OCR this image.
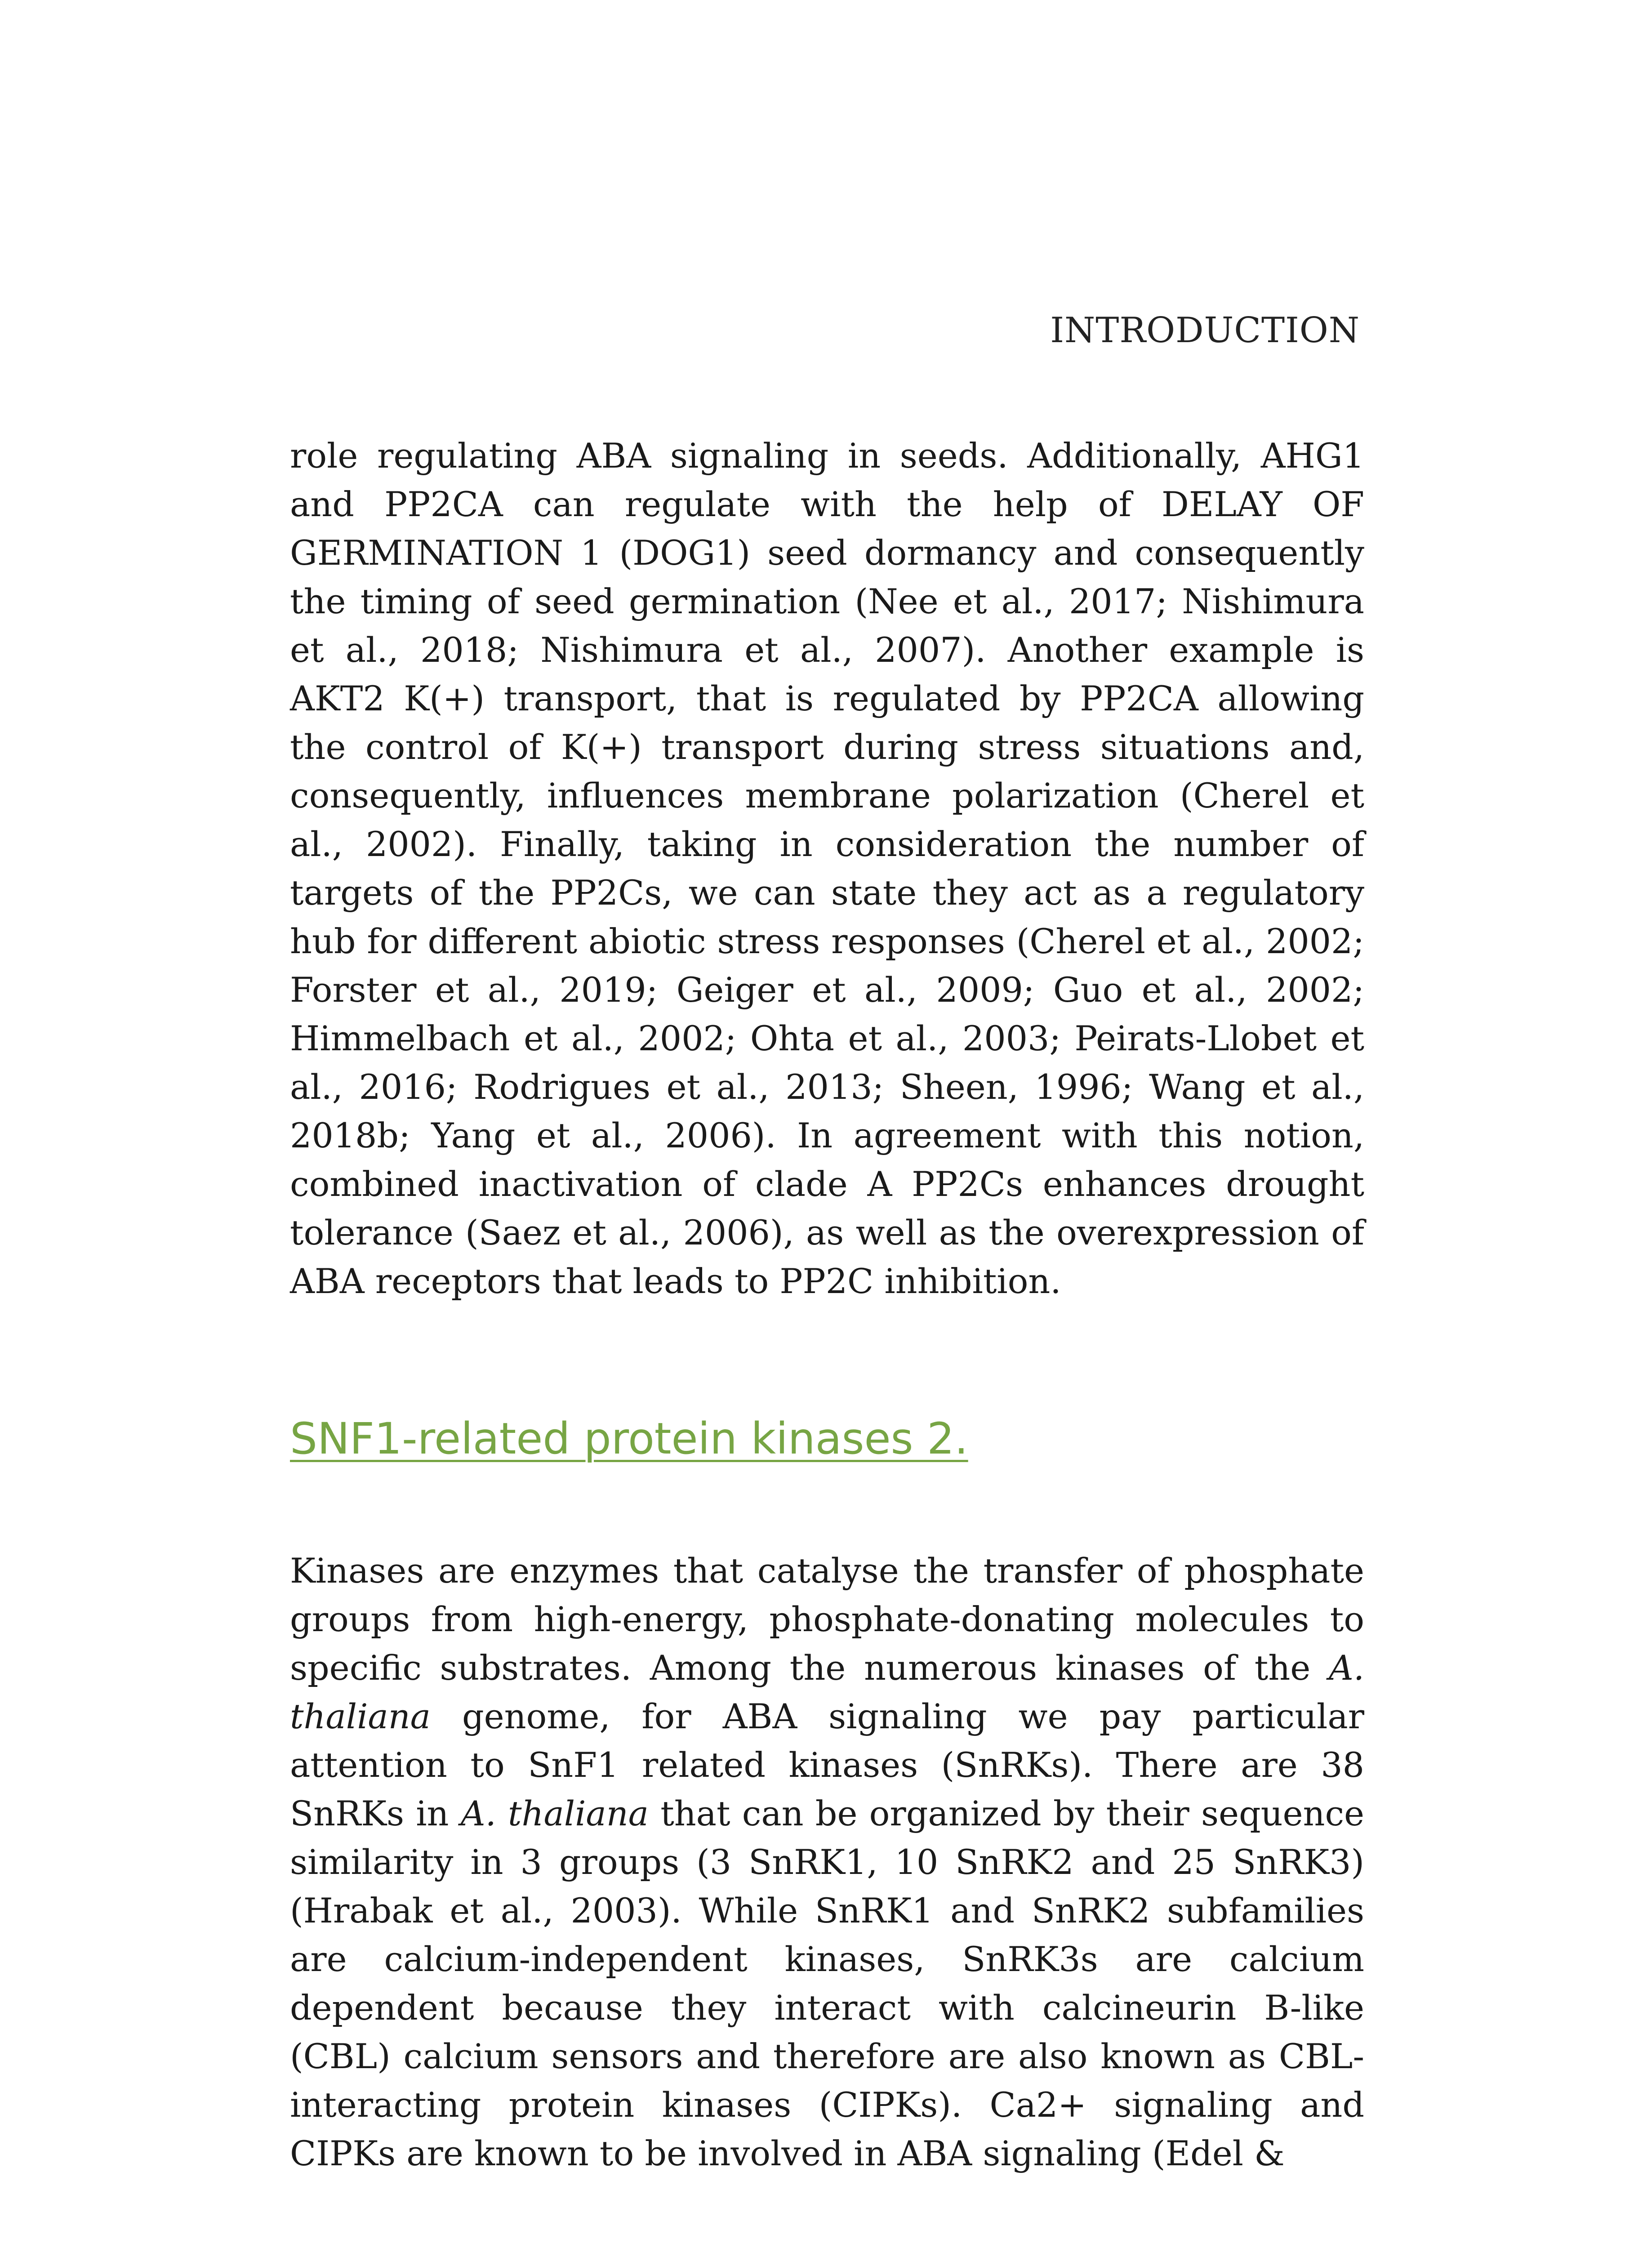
INTRODUCTION

role regulating ABA signaling in seeds. Additionally, AHG1 and PP2CA can regulate with the help of DELAY OF GERMINATION 1 (DOG1) seed dormancy and consequently the timing of seed germination (Nee et al., 2017; Nishimura et al., 2018; Nishimura et al., 2007). Another example is AKT2 K(+) transport, that is regulated by PP2CA allowing the control of K(+) transport during stress situations and, consequently, influences membrane polarization (Cherel et al., 2002). Finally, taking in consideration the number of targets of the PP2Cs, we can state they act as a regulatory hub for different abiotic stress responses (Cherel et al., 2002; Forster et al., 2019; Geiger et al., 2009; Guo et al., 2002; Himmelbach et al., 2002; Ohta et al., 2003; Peirats-Llobet et al., 2016; Rodrigues et al., 2013; Sheen, 1996; Wang et al., 2018b; Yang et al., 2006). In agreement with this notion, combined inactivation of clade A PP2Cs enhances drought tolerance (Saez et al., 2006), as well as the overexpression of ABA receptors that leads to PP2C inhibition.

SNF1-related protein kinases 2.

Kinases are enzymes that catalyse the transfer of phosphate groups from high-energy, phosphate-donating molecules to specific substrates. Among the numerous kinases of the A. thaliana genome, for ABA signaling we pay particular attention to SnF1 related kinases (SnRKs). There are 38 SnRKs in A. thaliana that can be organized by their sequence similarity in 3 groups (3 SnRK1, 10 SnRK2 and 25 SnRK3) (Hrabak et al., 2003). While SnRK1 and SnRK2 subfamilies are calcium-independent kinases, SnRK3s are calcium dependent because they interact with calcineurin B-like (CBL) calcium sensors and therefore are also known as CBL-interacting protein kinases (CIPKs). Ca2+ signaling and CIPKs are known to be involved in ABA signaling (Edel &
